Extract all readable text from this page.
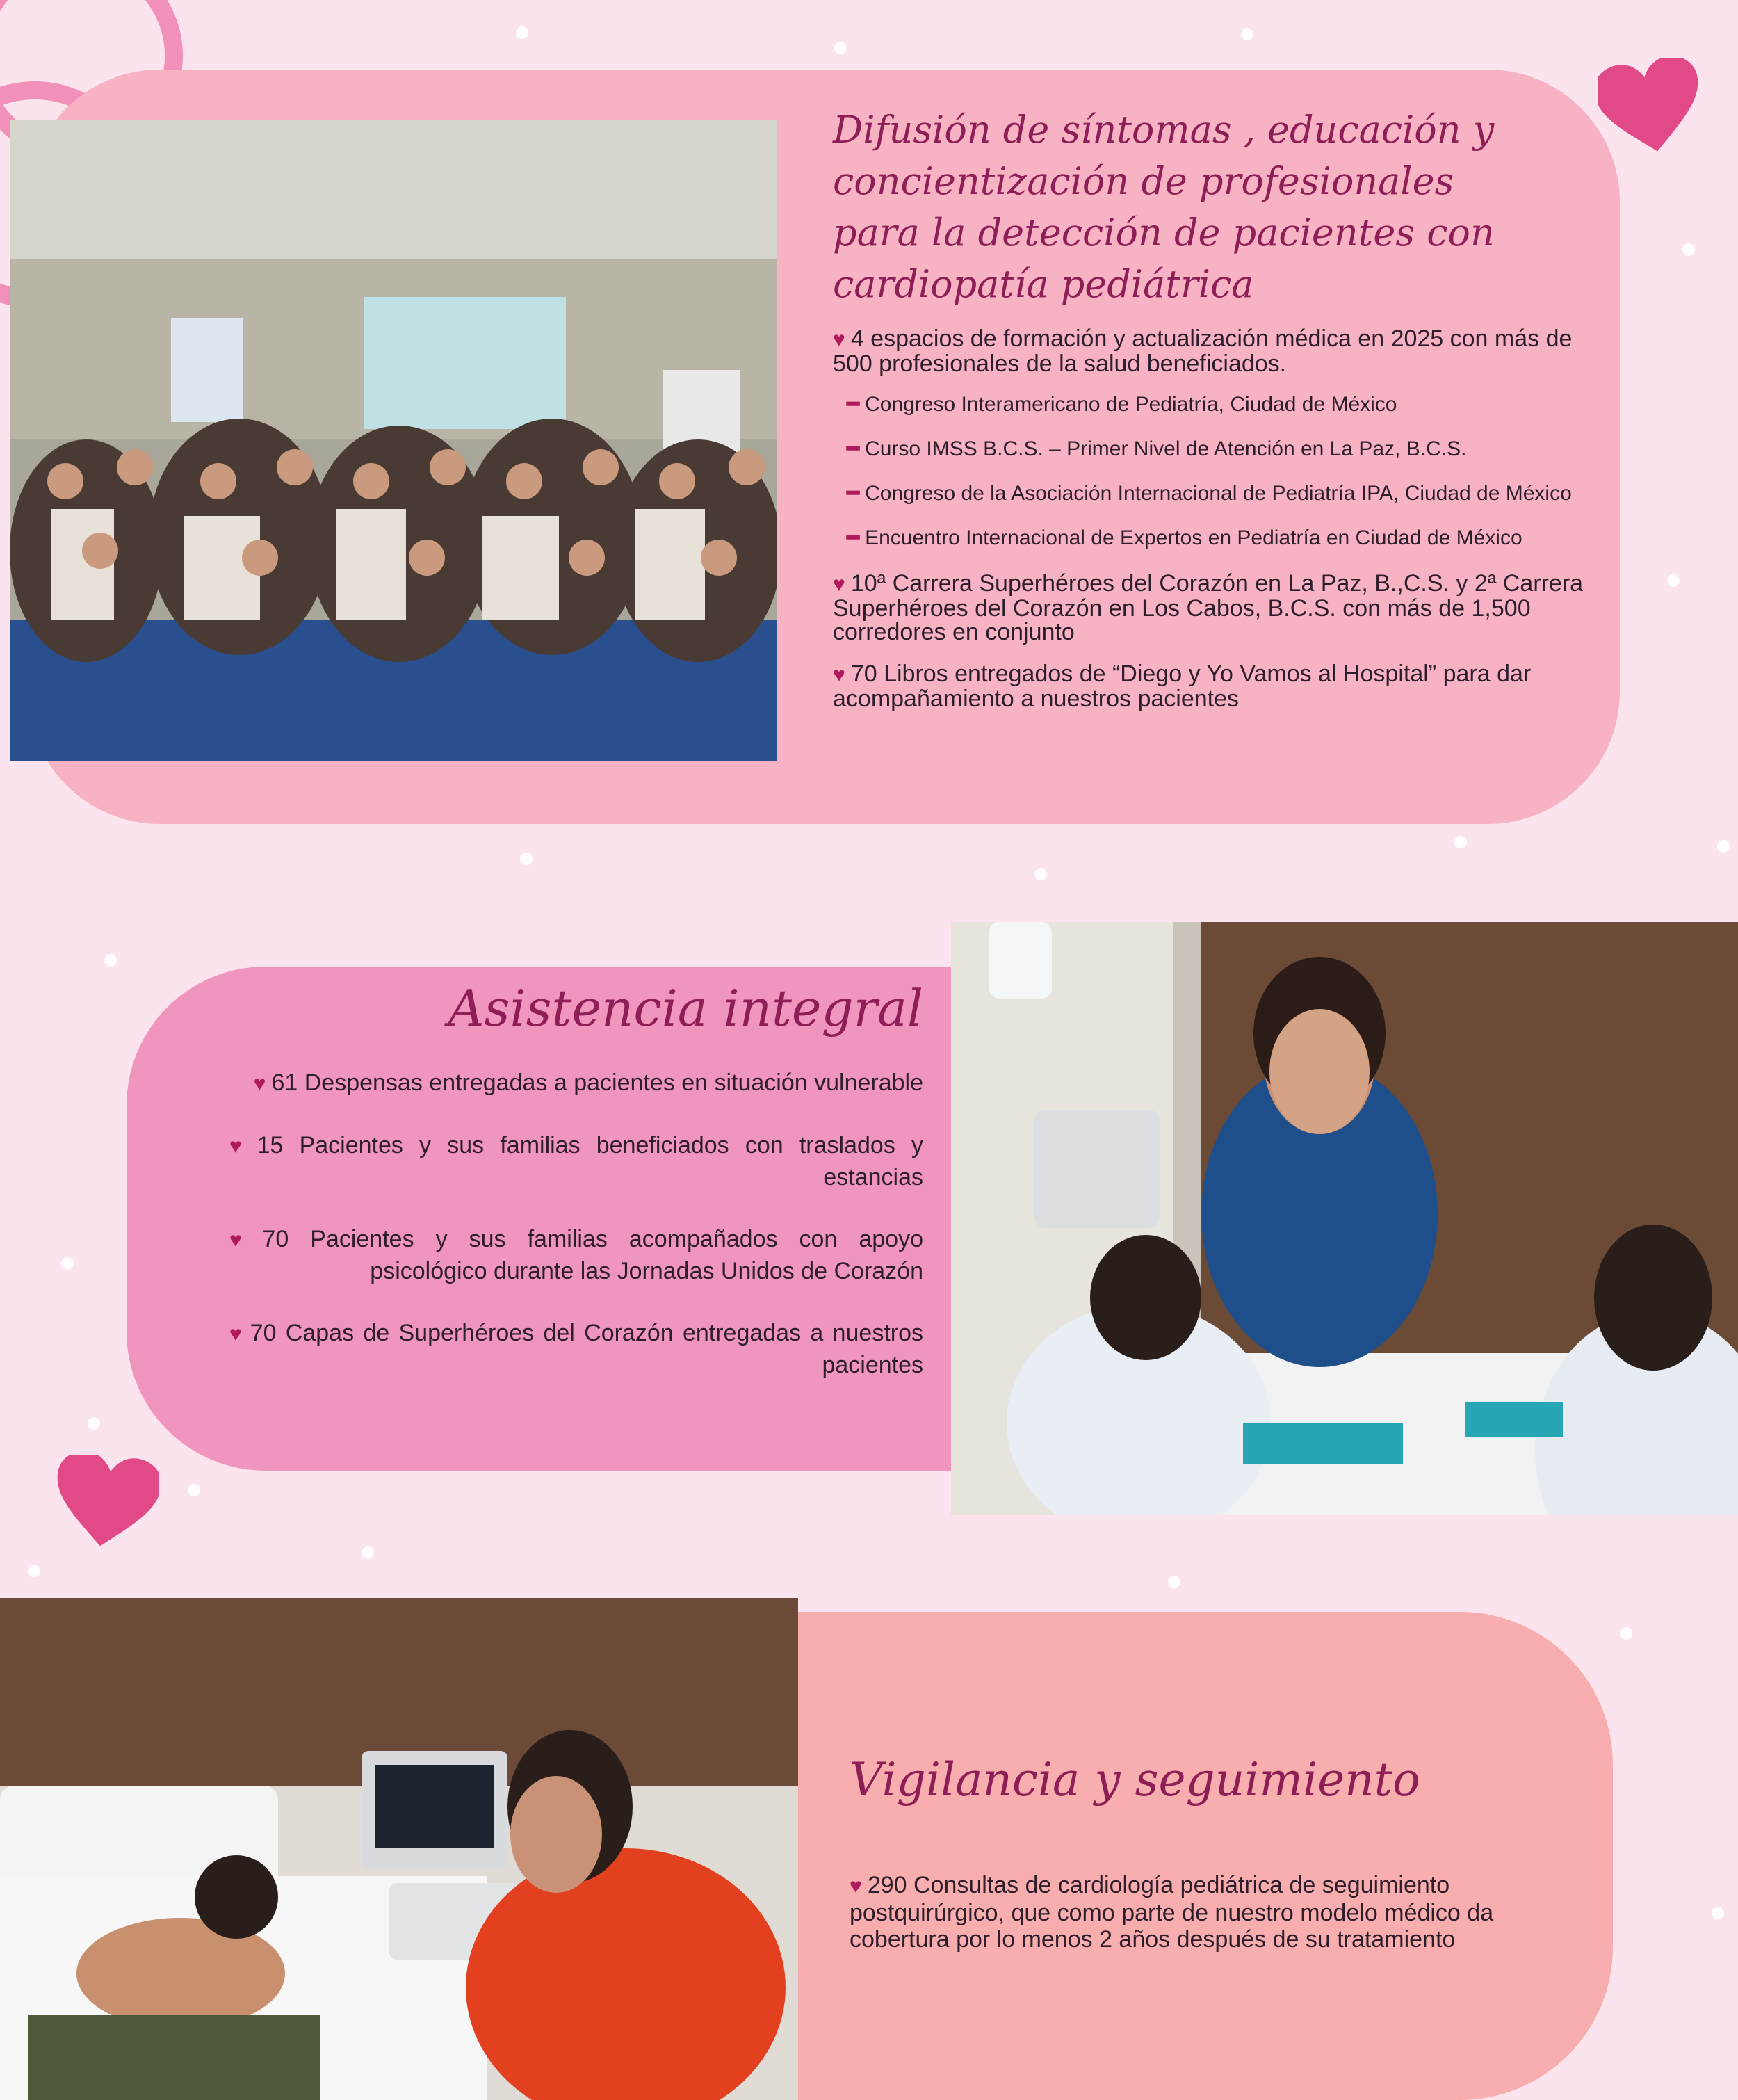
Difusión de síntomas , educación y concientización de profesionales para la detección de pacientes con cardiopatía pediátrica
♥ 4 espacios de formación y actualización médica en 2025 con más de 500 profesionales de la salud beneficiados.
━ Congreso Interamericano de Pediatría, Ciudad de México
━ Curso IMSS B.C.S. – Primer Nivel de Atención en La Paz, B.C.S.
━ Congreso de la Asociación Internacional de Pediatría IPA, Ciudad de México
━ Encuentro Internacional de Expertos en Pediatría en Ciudad de México
♥ 10ª Carrera Superhéroes del Corazón en La Paz, B.,C.S. y 2ª Carrera Superhéroes del Corazón en Los Cabos, B.C.S. con más de 1,500 corredores en conjunto
♥ 70 Libros entregados de “Diego y Yo Vamos al Hospital” para dar acompañamiento a nuestros pacientes
Asistencia integral
♥ 61 Despensas entregadas a pacientes en situación vulnerable
♥ 15 Pacientes y sus familias beneficiados con traslados y estancias
♥ 70 Pacientes y sus familias acompañados con apoyo psicológico durante las Jornadas Unidos de Corazón
♥ 70 Capas de Superhéroes del Corazón entregadas a nuestros pacientes
Vigilancia y seguimiento
♥ 290 Consultas de cardiología pediátrica de seguimiento postquirúrgico, que como parte de nuestro modelo médico da cobertura por lo menos 2 años después de su tratamiento
